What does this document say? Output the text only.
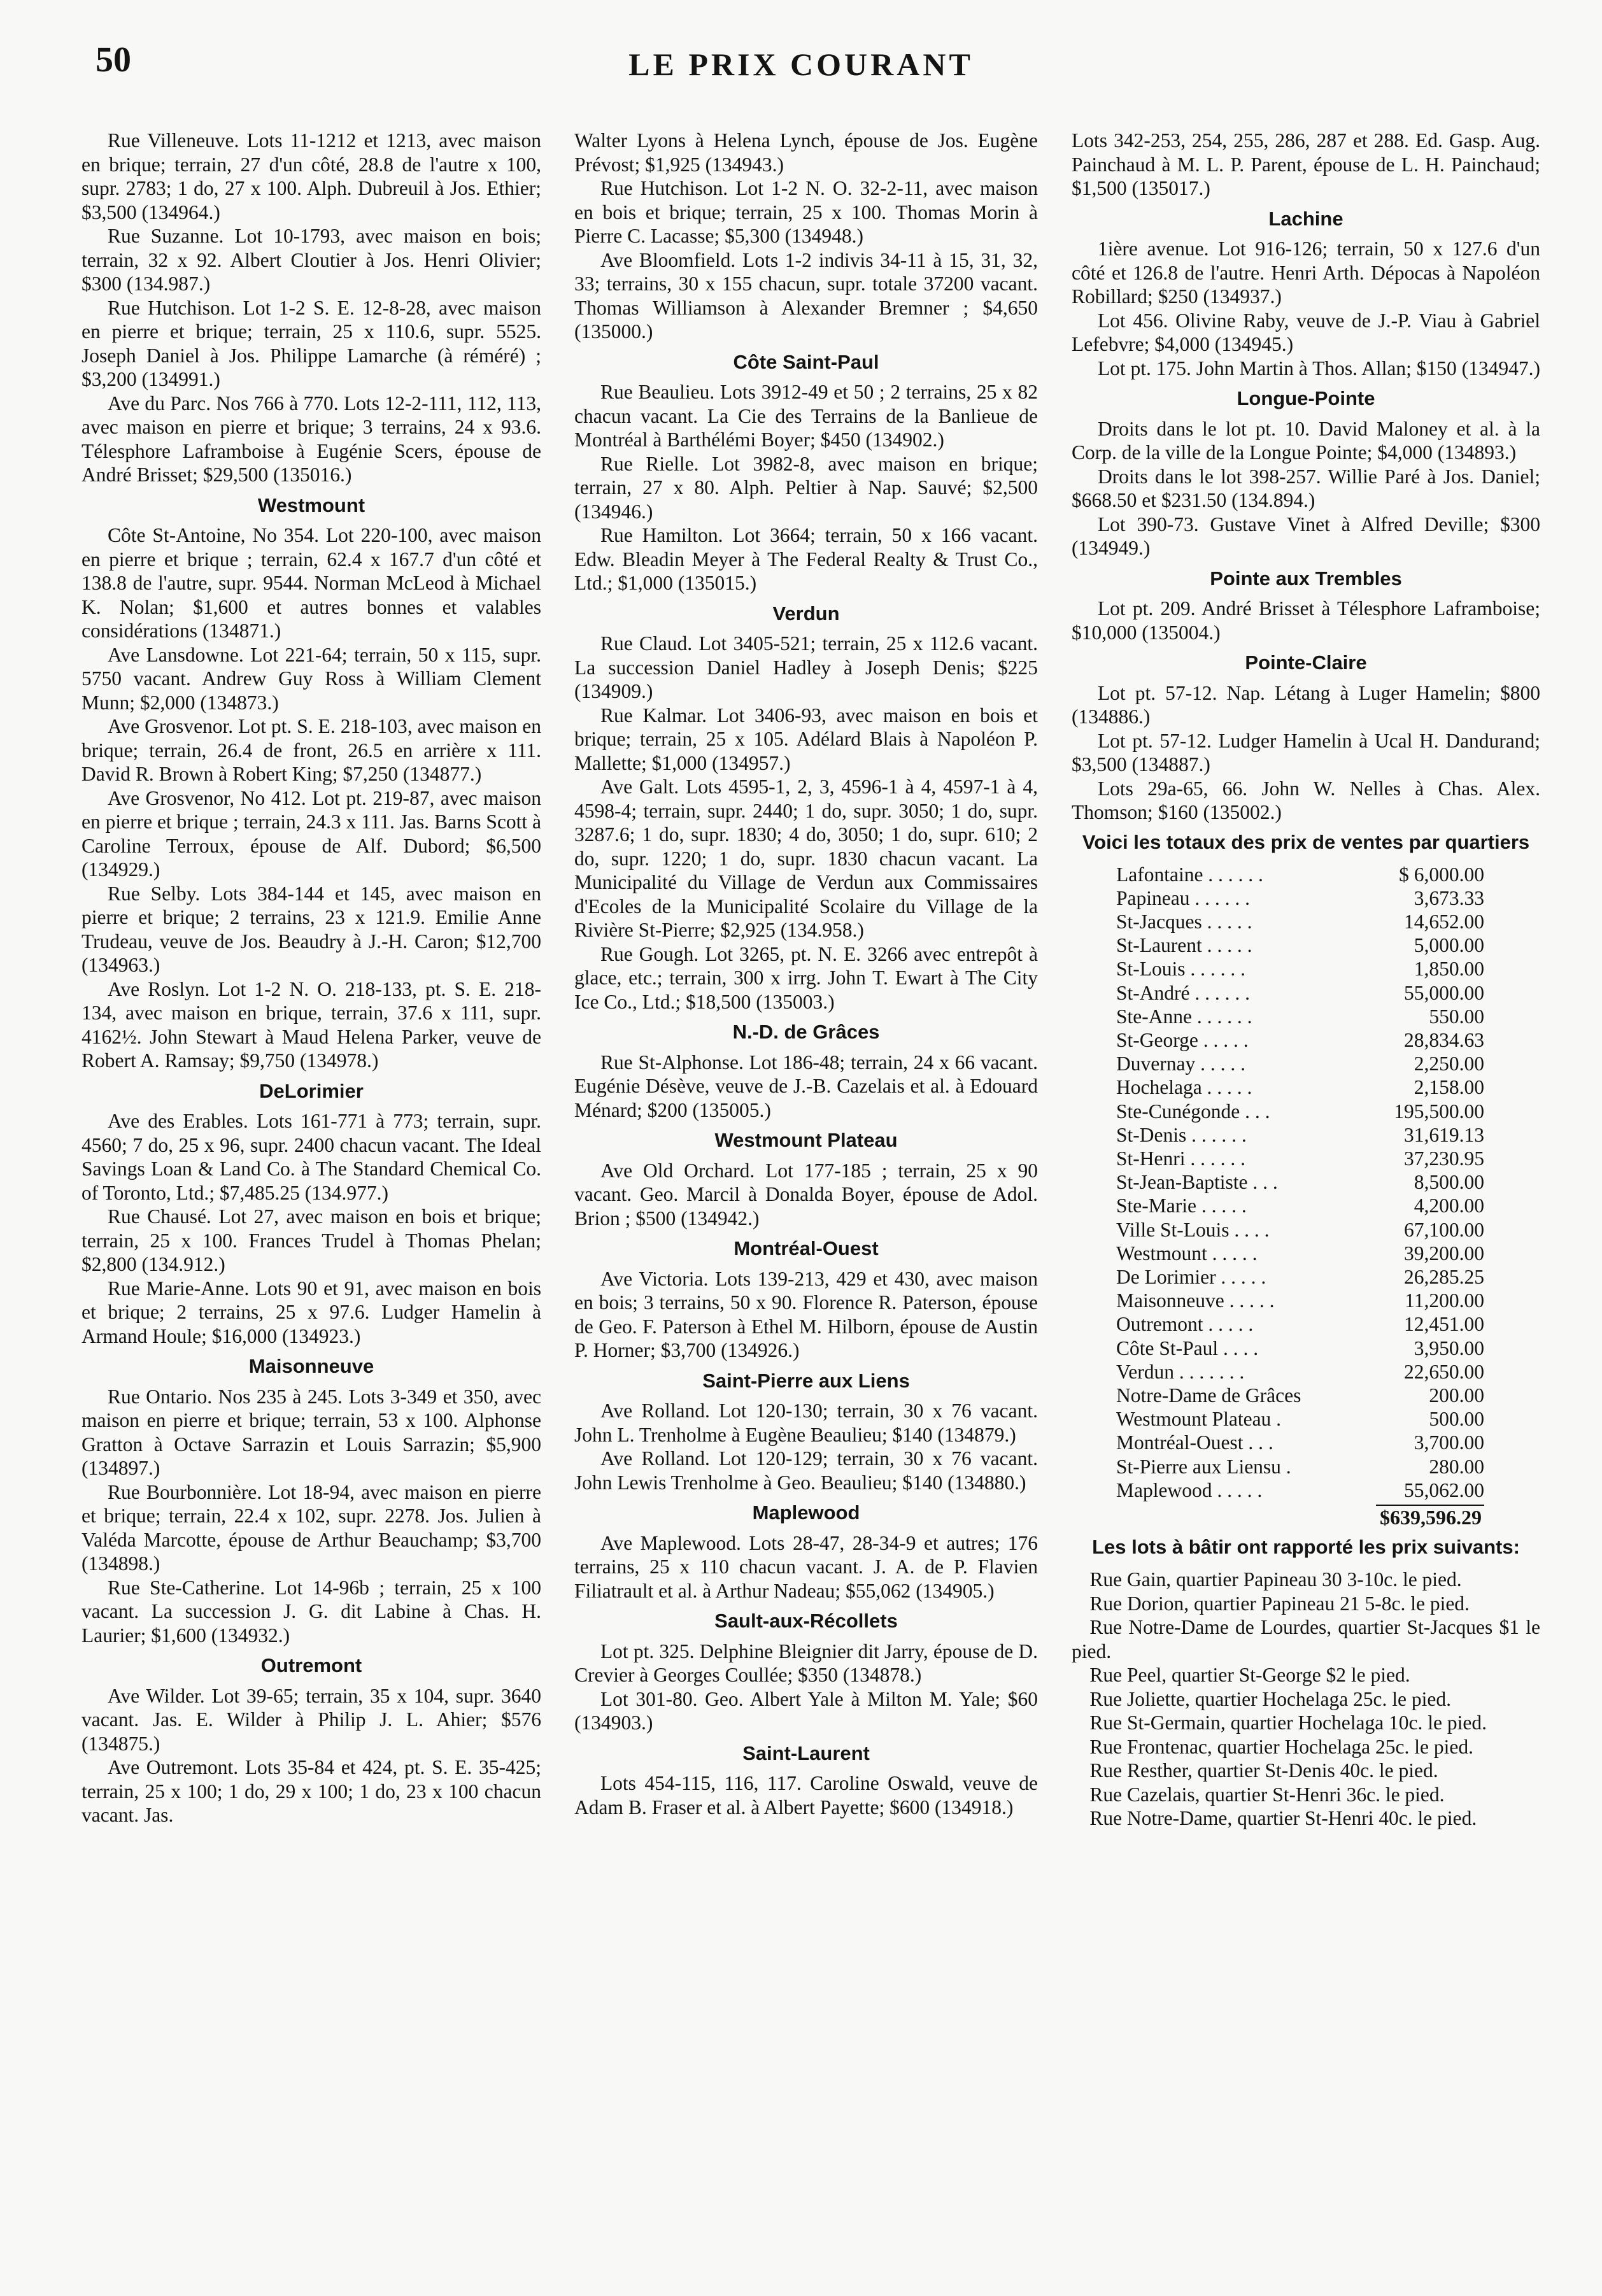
50	LE PRIX COURANT

Rue Villeneuve. Lots 11-1212 et 1213, avec maison en brique; terrain, 27 d'un côté, 28.8 de l'autre x 100, supr. 2783; 1 do, 27 x 100. Alph. Dubreuil à Jos. Ethier; $3,500 (134964.)

Rue Suzanne. Lot 10-1793, avec maison en bois; terrain, 32 x 92. Albert Cloutier à Jos. Henri Olivier; $300 (134.987.)

Rue Hutchison. Lot 1-2 S. E. 12-8-28, avec maison en pierre et brique; terrain, 25 x 110.6, supr. 5525. Joseph Daniel à Jos. Philippe Lamarche (à réméré) ; $3,200 (134991.)

Ave du Parc. Nos 766 à 770. Lots 12-2-111, 112, 113, avec maison en pierre et brique; 3 terrains, 24 x 93.6. Télesphore Laframboise à Eugénie Scers, épouse de André Brisset; $29,500 (135016.)

Westmount

Côte St-Antoine, No 354. Lot 220-100, avec maison en pierre et brique ; terrain, 62.4 x 167.7 d'un côté et 138.8 de l'autre, supr. 9544. Norman McLeod à Michael K. Nolan; $1,600 et autres bonnes et valables considérations (134871.)

Ave Lansdowne. Lot 221-64; terrain, 50 x 115, supr. 5750 vacant. Andrew Guy Ross à William Clement Munn; $2,000 (134873.)

Ave Grosvenor. Lot pt. S. E. 218-103, avec maison en brique; terrain, 26.4 de front, 26.5 en arrière x 111. David R. Brown à Robert King; $7,250 (134877.)

Ave Grosvenor, No 412. Lot pt. 219-87, avec maison en pierre et brique ; terrain, 24.3 x 111. Jas. Barns Scott à Caroline Terroux, épouse de Alf. Dubord; $6,500 (134929.)

Rue Selby. Lots 384-144 et 145, avec maison en pierre et brique; 2 terrains, 23 x 121.9. Emilie Anne Trudeau, veuve de Jos. Beaudry à J.-H. Caron; $12,700 (134963.)

Ave Roslyn. Lot 1-2 N. O. 218-133, pt. S. E. 218-134, avec maison en brique, terrain, 37.6 x 111, supr. 4162½. John Stewart à Maud Helena Parker, veuve de Robert A. Ramsay; $9,750 (134978.)

DeLorimier

Ave des Erables. Lots 161-771 à 773; terrain, supr. 4560; 7 do, 25 x 96, supr. 2400 chacun vacant. The Ideal Savings Loan & Land Co. à The Standard Chemical Co. of Toronto, Ltd.; $7,485.25 (134.977.)

Rue Chausé. Lot 27, avec maison en bois et brique; terrain, 25 x 100. Frances Trudel à Thomas Phelan; $2,800 (134.912.)

Rue Marie-Anne. Lots 90 et 91, avec maison en bois et brique; 2 terrains, 25 x 97.6. Ludger Hamelin à Armand Houle; $16,000 (134923.)

Maisonneuve

Rue Ontario. Nos 235 à 245. Lots 3-349 et 350, avec maison en pierre et brique; terrain, 53 x 100. Alphonse Gratton à Octave Sarrazin et Louis Sarrazin; $5,900 (134897.)

Rue Bourbonnière. Lot 18-94, avec maison en pierre et brique; terrain, 22.4 x 102, supr. 2278. Jos. Julien à Valéda Marcotte, épouse de Arthur Beauchamp; $3,700 (134898.)

Rue Ste-Catherine. Lot 14-96b ; terrain, 25 x 100 vacant. La succession J. G. dit Labine à Chas. H. Laurier; $1,600 (134932.)

Outremont

Ave Wilder. Lot 39-65; terrain, 35 x 104, supr. 3640 vacant. Jas. E. Wilder à Philip J. L. Ahier; $576 (134875.)

Ave Outremont. Lots 35-84 et 424, pt. S. E. 35-425; terrain, 25 x 100; 1 do, 29 x 100; 1 do, 23 x 100 chacun vacant. Jas.

Walter Lyons à Helena Lynch, épouse de Jos. Eugène Prévost; $1,925 (134943.)

Rue Hutchison. Lot 1-2 N. O. 32-2-11, avec maison en bois et brique; terrain, 25 x 100. Thomas Morin à Pierre C. Lacasse; $5,300 (134948.)

Ave Bloomfield. Lots 1-2 indivis 34-11 à 15, 31, 32, 33; terrains, 30 x 155 chacun, supr. totale 37200 vacant. Thomas Williamson à Alexander Bremner ; $4,650 (135000.)

Côte Saint-Paul

Rue Beaulieu. Lots 3912-49 et 50 ; 2 terrains, 25 x 82 chacun vacant. La Cie des Terrains de la Banlieue de Montréal à Barthélémi Boyer; $450 (134902.)

Rue Rielle. Lot 3982-8, avec maison en brique; terrain, 27 x 80. Alph. Peltier à Nap. Sauvé; $2,500 (134946.)

Rue Hamilton. Lot 3664; terrain, 50 x 166 vacant. Edw. Bleadin Meyer à The Federal Realty & Trust Co., Ltd.; $1,000 (135015.)

Verdun

Rue Claud. Lot 3405-521; terrain, 25 x 112.6 vacant. La succession Daniel Hadley à Joseph Denis; $225 (134909.)

Rue Kalmar. Lot 3406-93, avec maison en bois et brique; terrain, 25 x 105. Adélard Blais à Napoléon P. Mallette; $1,000 (134957.)

Ave Galt. Lots 4595-1, 2, 3, 4596-1 à 4, 4597-1 à 4, 4598-4; terrain, supr. 2440; 1 do, supr. 3050; 1 do, supr. 3287.6; 1 do, supr. 1830; 4 do, 3050; 1 do, supr. 610; 2 do, supr. 1220; 1 do, supr. 1830 chacun vacant. La Municipalité du Village de Verdun aux Commissaires d'Ecoles de la Municipalité Scolaire du Village de la Rivière St-Pierre; $2,925 (134.958.)

Rue Gough. Lot 3265, pt. N. E. 3266 avec entrepôt à glace, etc.; terrain, 300 x irrg. John T. Ewart à The City Ice Co., Ltd.; $18,500 (135003.)

N.-D. de Grâces

Rue St-Alphonse. Lot 186-48; terrain, 24 x 66 vacant. Eugénie Désève, veuve de J.-B. Cazelais et al. à Edouard Ménard; $200 (135005.)

Westmount Plateau

Ave Old Orchard. Lot 177-185 ; terrain, 25 x 90 vacant. Geo. Marcil à Donalda Boyer, épouse de Adol. Brion ; $500 (134942.)

Montréal-Ouest

Ave Victoria. Lots 139-213, 429 et 430, avec maison en bois; 3 terrains, 50 x 90. Florence R. Paterson, épouse de Geo. F. Paterson à Ethel M. Hilborn, épouse de Austin P. Horner; $3,700 (134926.)

Saint-Pierre aux Liens

Ave Rolland. Lot 120-130; terrain, 30 x 76 vacant. John L. Trenholme à Eugène Beaulieu; $140 (134879.)

Ave Rolland. Lot 120-129; terrain, 30 x 76 vacant. John Lewis Trenholme à Geo. Beaulieu; $140 (134880.)

Maplewood

Ave Maplewood. Lots 28-47, 28-34-9 et autres; 176 terrains, 25 x 110 chacun vacant. J. A. de P. Flavien Filiatrault et al. à Arthur Nadeau; $55,062 (134905.)

Sault-aux-Récollets

Lot pt. 325. Delphine Bleignier dit Jarry, épouse de D. Crevier à Georges Coullée; $350 (134878.)

Lot 301-80. Geo. Albert Yale à Milton M. Yale; $60 (134903.)

Saint-Laurent

Lots 454-115, 116, 117. Caroline Oswald, veuve de Adam B. Fraser et al. à Albert Payette; $600 (134918.)

Lots 342-253, 254, 255, 286, 287 et 288. Ed. Gasp. Aug. Painchaud à M. L. P. Parent, épouse de L. H. Painchaud; $1,500 (135017.)

Lachine

1ière avenue. Lot 916-126; terrain, 50 x 127.6 d'un côté et 126.8 de l'autre. Henri Arth. Dépocas à Napoléon Robillard; $250 (134937.)

Lot 456. Olivine Raby, veuve de J.-P. Viau à Gabriel Lefebvre; $4,000 (134945.)

Lot pt. 175. John Martin à Thos. Allan; $150 (134947.)

Longue-Pointe

Droits dans le lot pt. 10. David Maloney et al. à la Corp. de la ville de la Longue Pointe; $4,000 (134893.)

Droits dans le lot 398-257. Willie Paré à Jos. Daniel; $668.50 et $231.50 (134.894.)

Lot 390-73. Gustave Vinet à Alfred Deville; $300 (134949.)

Pointe aux Trembles

Lot pt. 209. André Brisset à Télesphore Laframboise; $10,000 (135004.)

Pointe-Claire

Lot pt. 57-12. Nap. Létang à Luger Hamelin; $800 (134886.)

Lot pt. 57-12. Ludger Hamelin à Ucal H. Dandurand; $3,500 (134887.)

Lots 29a-65, 66. John W. Nelles à Chas. Alex. Thomson; $160 (135002.)

Voici les totaux des prix de ventes par quartiers
Lafontaine . . . . . .	$ 6,000.00
Papineau . . . . . .	3,673.33
St-Jacques . . . . .	14,652.00
St-Laurent . . . . .	5,000.00
St-Louis . . . . . .	1,850.00
St-André . . . . . .	55,000.00
Ste-Anne . . . . . .	550.00
St-George . . . . .	28,834.63
Duvernay . . . . .	2,250.00
Hochelaga . . . . .	2,158.00
Ste-Cunégonde . . .	195,500.00
St-Denis . . . . . .	31,619.13
St-Henri . . . . . .	37,230.95
St-Jean-Baptiste . . .	8,500.00
Ste-Marie . . . . .	4,200.00
Ville St-Louis . . . .	67,100.00
Westmount . . . . .	39,200.00
De Lorimier . . . . .	26,285.25
Maisonneuve . . . . .	11,200.00
Outremont . . . . .	12,451.00
Côte St-Paul . . . .	3,950.00
Verdun . . . . . . .	22,650.00
Notre-Dame de Grâces	200.00
Westmount Plateau .	500.00
Montréal-Ouest . . .	3,700.00
St-Pierre aux Liensu .	280.00
Maplewood . . . . .	55,062.00
$639,596.29
Les lots à bâtir ont rapporté les prix suivants:

Rue Gain, quartier Papineau 30 3-10c. le pied.

Rue Dorion, quartier Papineau 21 5-8c. le pied.

Rue Notre-Dame de Lourdes, quartier St-Jacques $1 le pied.

Rue Peel, quartier St-George $2 le pied.

Rue Joliette, quartier Hochelaga 25c. le pied.

Rue St-Germain, quartier Hochelaga 10c. le pied.

Rue Frontenac, quartier Hochelaga 25c. le pied.

Rue Resther, quartier St-Denis 40c. le pied.

Rue Cazelais, quartier St-Henri 36c. le pied.

Rue Notre-Dame, quartier St-Henri 40c. le pied.
